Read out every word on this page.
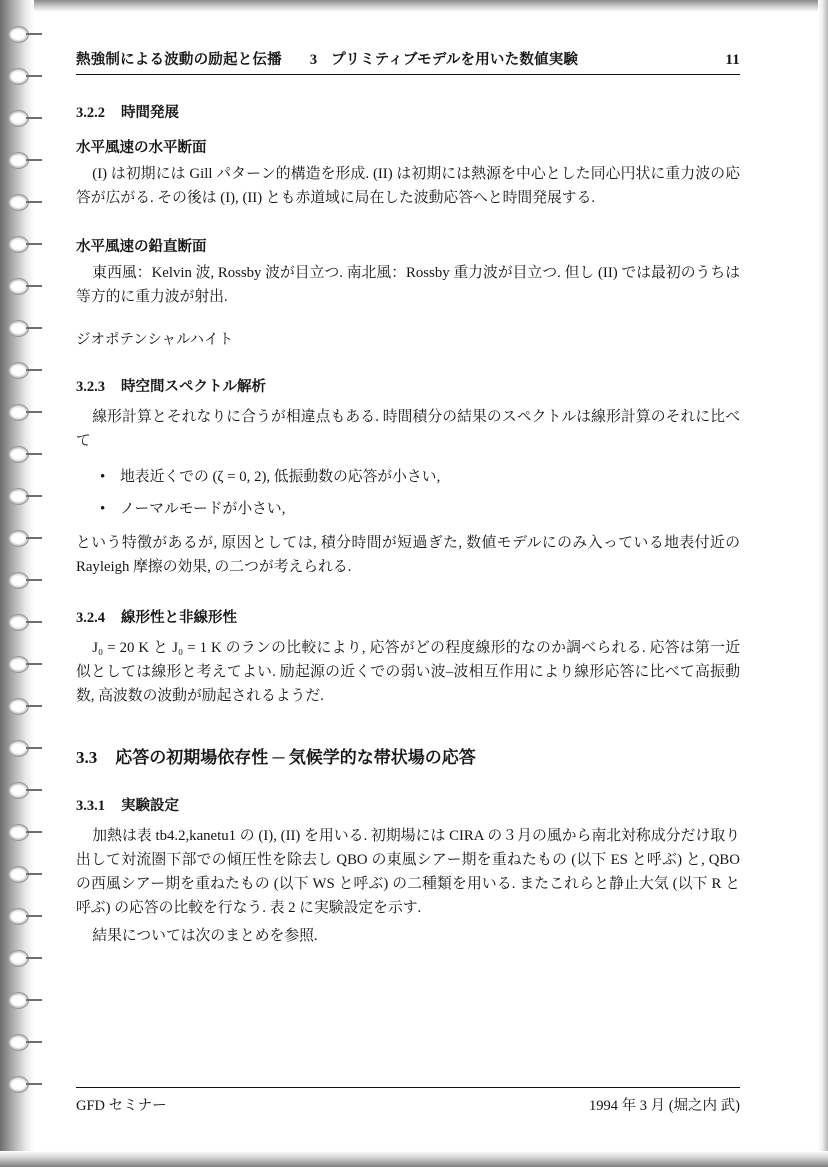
熱強制による波動の励起と伝播 3 プリミティブモデルを用いた数値実験	11
3.2.2 時間発展
水平風速の水平断面

(I) は初期には Gill パターン的構造を形成. (II) は初期には熱源を中心とした同心円状に重力波の応答が広がる. その後は (I), (II) とも赤道域に局在した波動応答へと時間発展する.

水平風速の鉛直断面

東西風：Kelvin 波, Rossby 波が目立つ. 南北風：Rossby 重力波が目立つ. 但し (II) では最初のうちは等方的に重力波が射出.

ジオポテンシャルハイト
3.2.3 時空間スペクトル解析

線形計算とそれなりに合うが相違点もある. 時間積分の結果のスペクトルは線形計算のそれに比べて

• 地表近くでの (ζ = 0, 2), 低振動数の応答が小さい,
• ノーマルモードが小さい,

という特徴があるが, 原因としては, 積分時間が短過ぎた, 数値モデルにのみ入っている地表付近の Rayleigh 摩擦の効果, の二つが考えられる.

3.2.4 線形性と非線形性

J₀ = 20 K と J₀ = 1 K のランの比較により, 応答がどの程度線形的なのか調べられる. 応答は第一近似としては線形と考えてよい. 励起源の近くでの弱い波–波相互作用により線形応答に比べて高振動数, 高波数の波動が励起されるようだ.

3.3 応答の初期場依存性 ─ 気候学的な帯状場の応答
3.3.1 実験設定

加熱は表 tb4.2,kanetu1 の (I), (II) を用いる. 初期場には CIRA の３月の風から南北対称成分だけ取り出して対流圏下部での傾圧性を除去し QBO の東風シアー期を重ねたもの (以下 ES と呼ぶ) と, QBO の西風シアー期を重ねたもの (以下 WS と呼ぶ) の二種類を用いる. またこれらと静止大気 (以下 R と呼ぶ) の応答の比較を行なう. 表 2 に実験設定を示す.

結果については次のまとめを参照.

GFD セミナー	1994 年 3 月 (堀之内 武)
